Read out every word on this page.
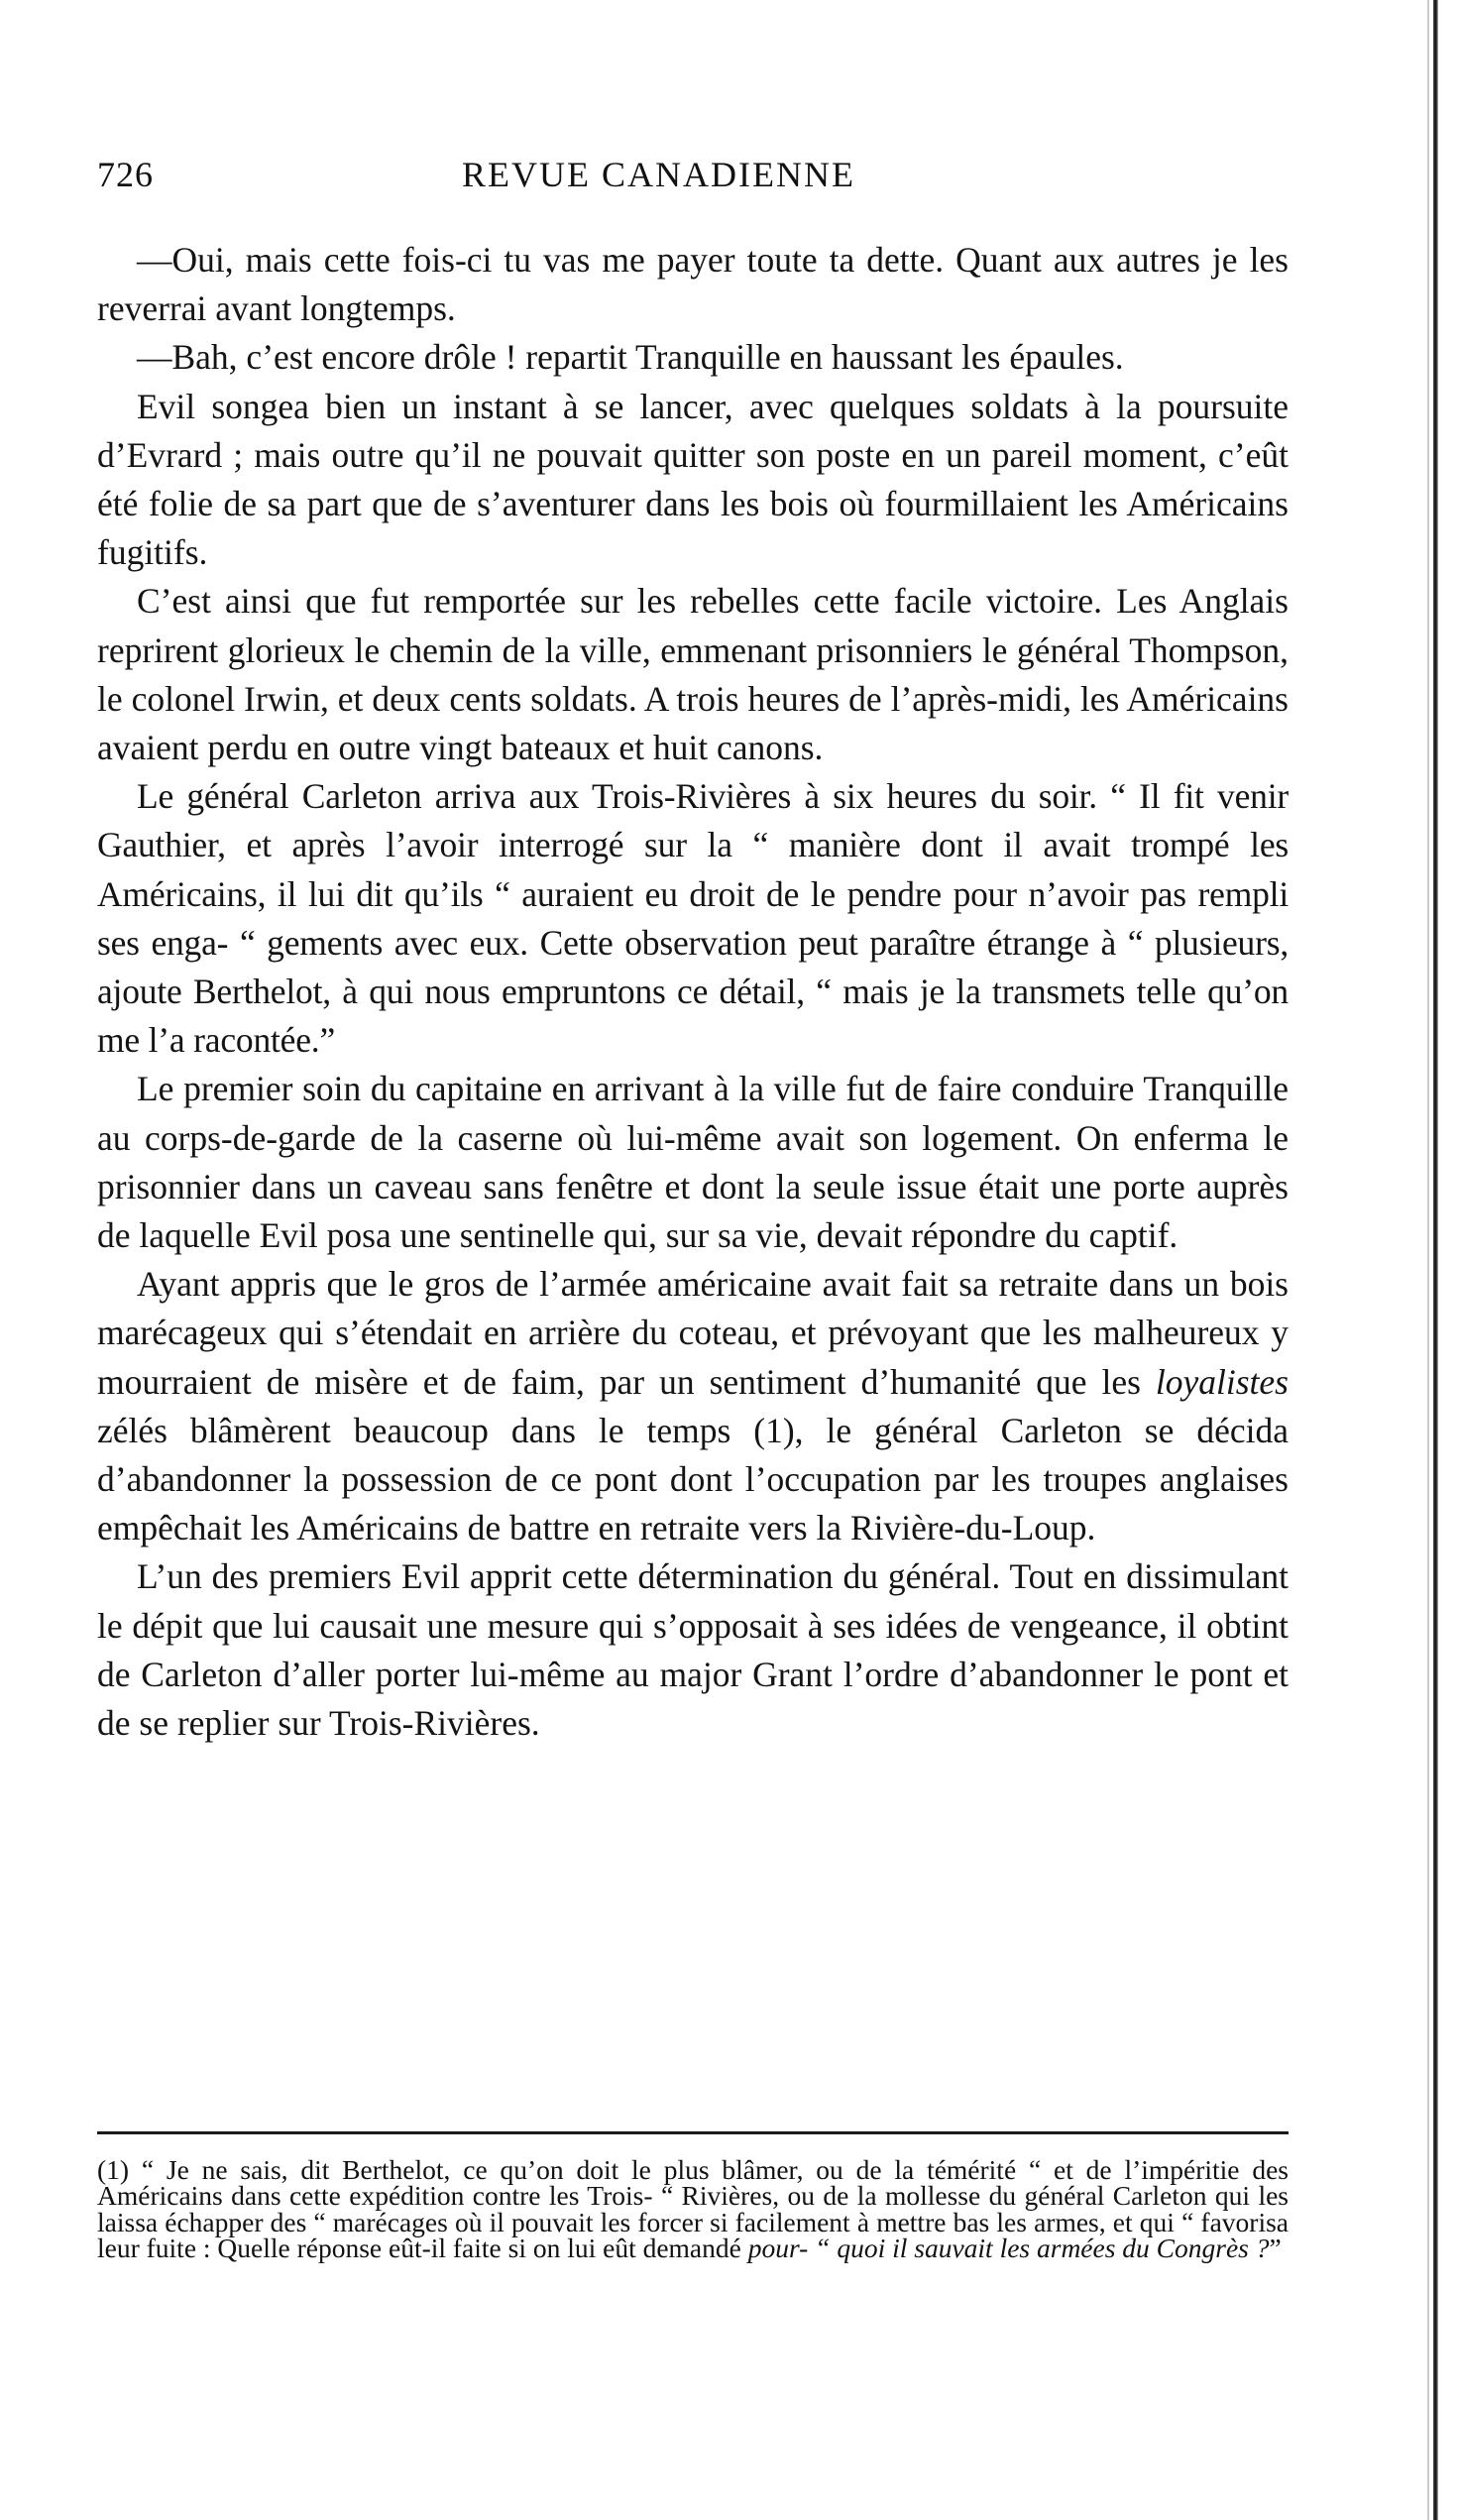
726	REVUE CANADIENNE

—Oui, mais cette fois-ci tu vas me payer toute ta dette. Quant aux autres je les reverrai avant longtemps.

—Bah, c’est encore drôle ! repartit Tranquille en haussant les épaules.

Evil songea bien un instant à se lancer, avec quelques soldats à la poursuite d’Evrard ; mais outre qu’il ne pouvait quitter son poste en un pareil moment, c’eût été folie de sa part que de s’aventurer dans les bois où fourmillaient les Américains fugitifs.

C’est ainsi que fut remportée sur les rebelles cette facile victoire. Les Anglais reprirent glorieux le chemin de la ville, emmenant prisonniers le général Thompson, le colonel Irwin, et deux cents soldats. A trois heures de l’après-midi, les Américains avaient perdu en outre vingt bateaux et huit canons.

Le général Carleton arriva aux Trois-Rivières à six heures du soir. “ Il fit venir Gauthier, et après l’avoir interrogé sur la “ manière dont il avait trompé les Américains, il lui dit qu’ils “ auraient eu droit de le pendre pour n’avoir pas rempli ses enga- “ gements avec eux. Cette observation peut paraître étrange à “ plusieurs, ajoute Berthelot, à qui nous empruntons ce détail, “ mais je la transmets telle qu’on me l’a racontée.”

Le premier soin du capitaine en arrivant à la ville fut de faire conduire Tranquille au corps-de-garde de la caserne où lui-même avait son logement. On enferma le prisonnier dans un caveau sans fenêtre et dont la seule issue était une porte auprès de laquelle Evil posa une sentinelle qui, sur sa vie, devait répondre du captif.

Ayant appris que le gros de l’armée américaine avait fait sa retraite dans un bois marécageux qui s’étendait en arrière du coteau, et prévoyant que les malheureux y mourraient de misère et de faim, par un sentiment d’humanité que les loyalistes zélés blâmèrent beaucoup dans le temps (1), le général Carleton se décida d’abandonner la possession de ce pont dont l’occupation par les troupes anglaises empêchait les Américains de battre en retraite vers la Rivière-du-Loup.

L’un des premiers Evil apprit cette détermination du général. Tout en dissimulant le dépit que lui causait une mesure qui s’opposait à ses idées de vengeance, il obtint de Carleton d’aller porter lui-même au major Grant l’ordre d’abandonner le pont et de se replier sur Trois-Rivières.

(1) “ Je ne sais, dit Berthelot, ce qu’on doit le plus blâmer, ou de la témérité “ et de l’impéritie des Américains dans cette expédition contre les Trois- “ Rivières, ou de la mollesse du général Carleton qui les laissa échapper des “ marécages où il pouvait les forcer si facilement à mettre bas les armes, et qui “ favorisa leur fuite : Quelle réponse eût-il faite si on lui eût demandé pour- “ quoi il sauvait les armées du Congrès ?”
